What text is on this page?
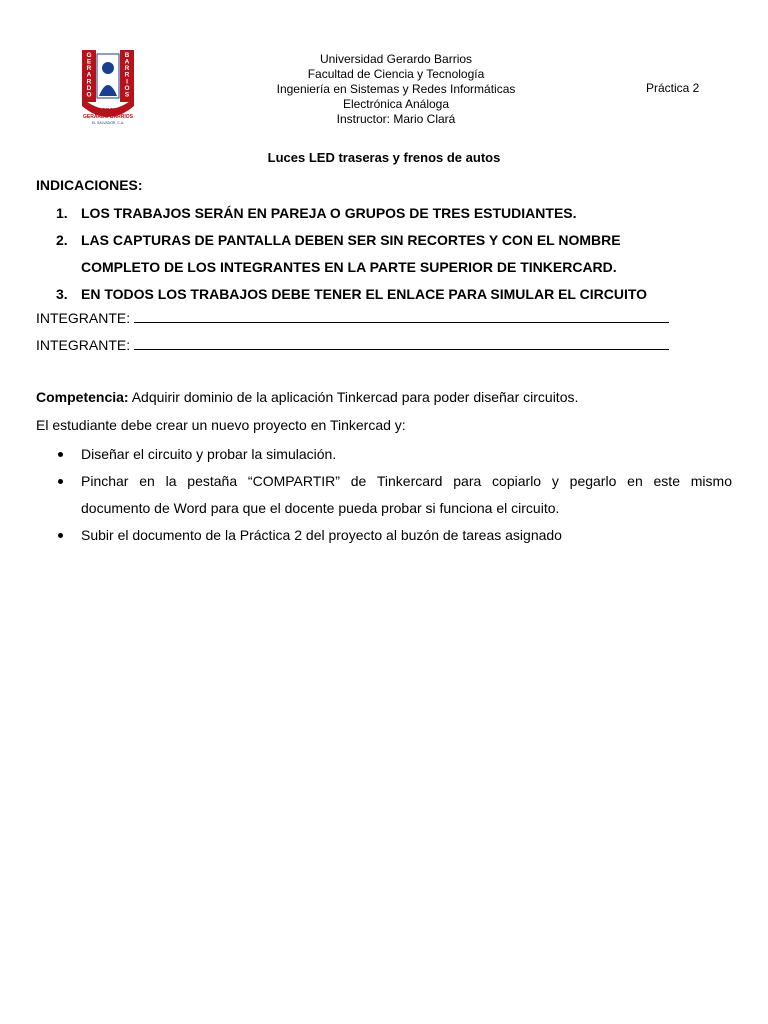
G
E
R
A
R
D
O
B
A
R
R
I
O
S
UNIVERSIDAD
GERARDO BARRIOS
EL SALVADOR, C.A.
Universidad Gerardo Barrios
Facultad de Ciencia y Tecnología
Ingeniería en Sistemas y Redes Informáticas
Electrónica Análoga
Instructor: Mario Clará
Práctica 2
Luces LED traseras y frenos de autos
INDICACIONES:
1. LOS TRABAJOS SERÁN EN PAREJA O GRUPOS DE TRES ESTUDIANTES.
2. LAS CAPTURAS DE PANTALLA DEBEN SER SIN RECORTES Y CON EL NOMBRE
COMPLETO DE LOS INTEGRANTES EN LA PARTE SUPERIOR DE TINKERCARD.
3. EN TODOS LOS TRABAJOS DEBE TENER EL ENLACE PARA SIMULAR EL CIRCUITO
INTEGRANTE:
INTEGRANTE:
Competencia: Adquirir dominio de la aplicación Tinkercad para poder diseñar circuitos.
El estudiante debe crear un nuevo proyecto en Tinkercad y:
Diseñar el circuito y probar la simulación.
Pinchar en la pestaña “COMPARTIR” de Tinkercard para copiarlo y pegarlo en este mismo
documento de Word para que el docente pueda probar si funciona el circuito.
Subir el documento de la Práctica 2 del proyecto al buzón de tareas asignado
